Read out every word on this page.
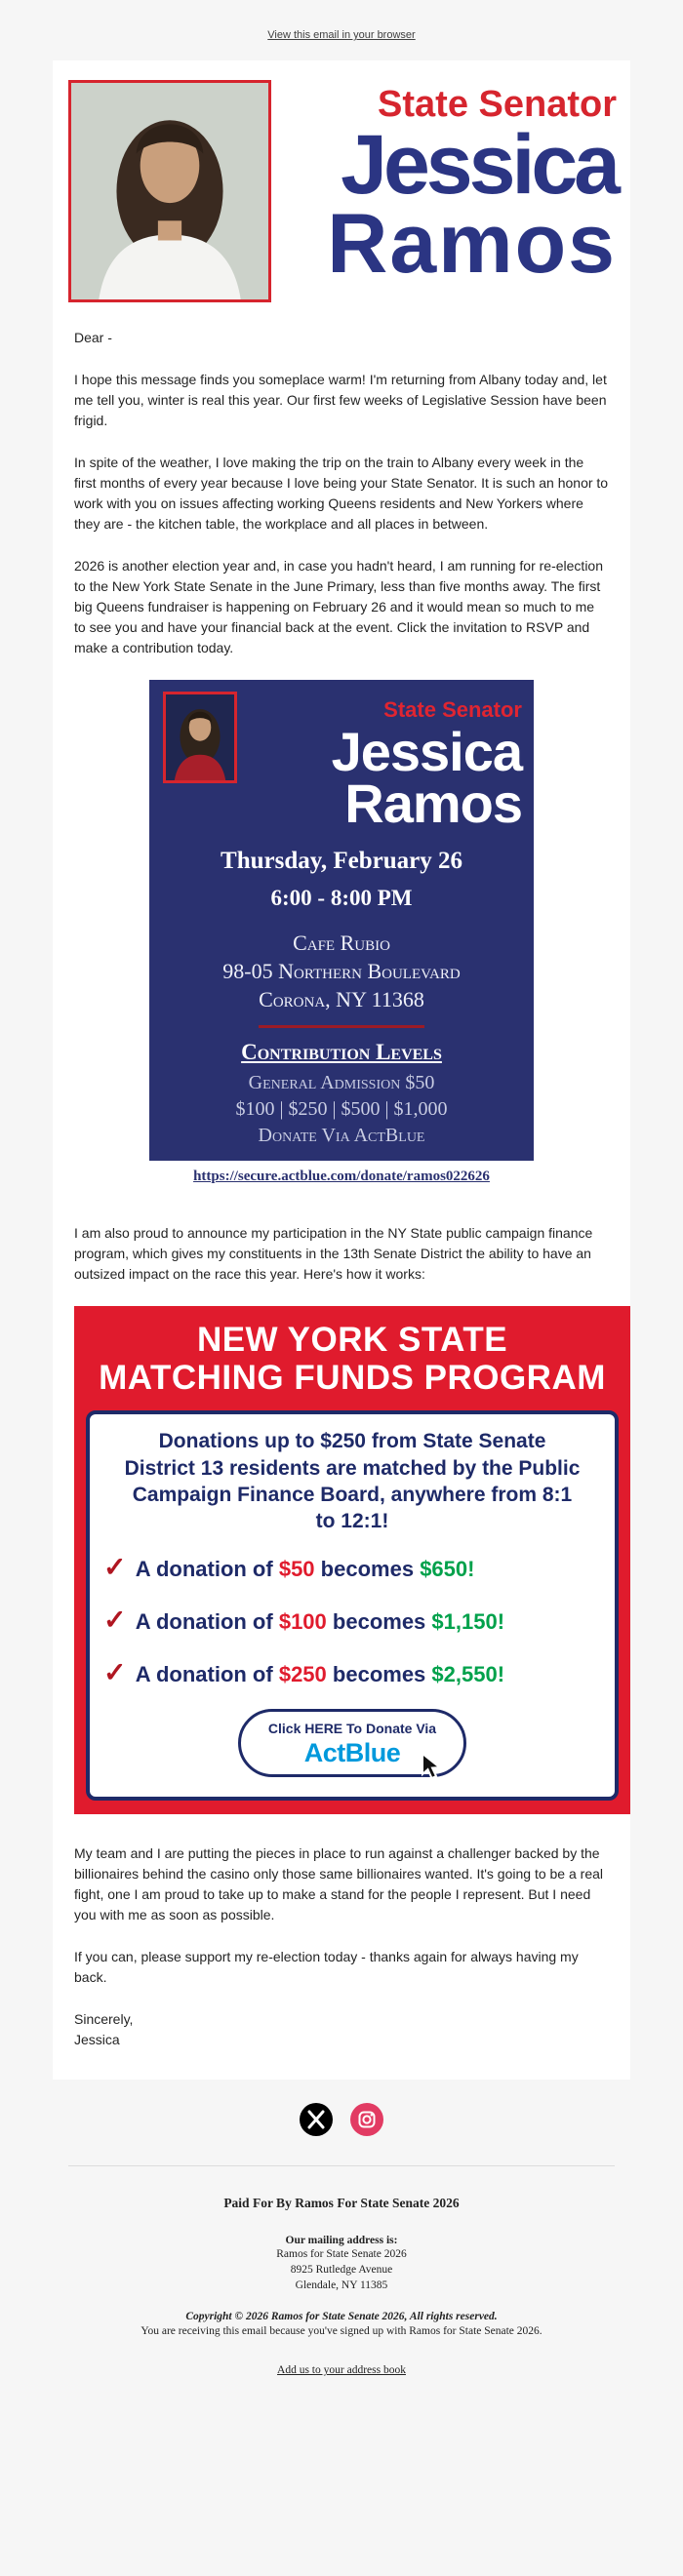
View this email in your browser
State Senator
Jessica
Ramos

Dear -

I hope this message finds you someplace warm! I'm returning from Albany today and, let me tell you, winter is real this year. Our first few weeks of Legislative Session have been frigid.

In spite of the weather, I love making the trip on the train to Albany every week in the first months of every year because I love being your State Senator. It is such an honor to work with you on issues affecting working Queens residents and New Yorkers where they are - the kitchen table, the workplace and all places in between.

2026 is another election year and, in case you hadn't heard, I am running for re-election to the New York State Senate in the June Primary, less than five months away. The first big Queens fundraiser is happening on February 26 and it would mean so much to me to see you and have your financial back at the event. Click the invitation to RSVP and make a contribution today.

State Senator
Jessica
Ramos
Thursday, February 26
6:00 - 8:00 PM
Cafe Rubio
98-05 Northern Boulevard
Corona, NY 11368
Contribution Levels
General Admission $50
$100 | $250 | $500 | $1,000
Donate Via ActBlue
https://secure.actblue.com/donate/ramos022626

I am also proud to announce my participation in the NY State public campaign finance program, which gives my constituents in the 13th Senate District the ability to have an outsized impact on the race this year. Here's how it works:

NEW YORK STATE
MATCHING FUNDS PROGRAM
Donations up to $250 from State Senate District 13 residents are matched by the Public Campaign Finance Board, anywhere from 8:1 to 12:1!
✓ A donation of $50 becomes $650!
✓ A donation of $100 becomes $1,150!
✓ A donation of $250 becomes $2,550!
Click HERE To Donate Via
ActBlue

My team and I are putting the pieces in place to run against a challenger backed by the billionaires behind the casino only those same billionaires wanted. It's going to be a real fight, one I am proud to take up to make a stand for the people I represent. But I need you with me as soon as possible.

If you can, please support my re-election today - thanks again for always having my back.

Sincerely,

Jessica

Paid For By Ramos For State Senate 2026
Our mailing address is:
Ramos for State Senate 2026
8925 Rutledge Avenue
Glendale, NY 11385
Copyright © 2026 Ramos for State Senate 2026, All rights reserved.
You are receiving this email because you've signed up with Ramos for State Senate 2026.
Add us to your address book
